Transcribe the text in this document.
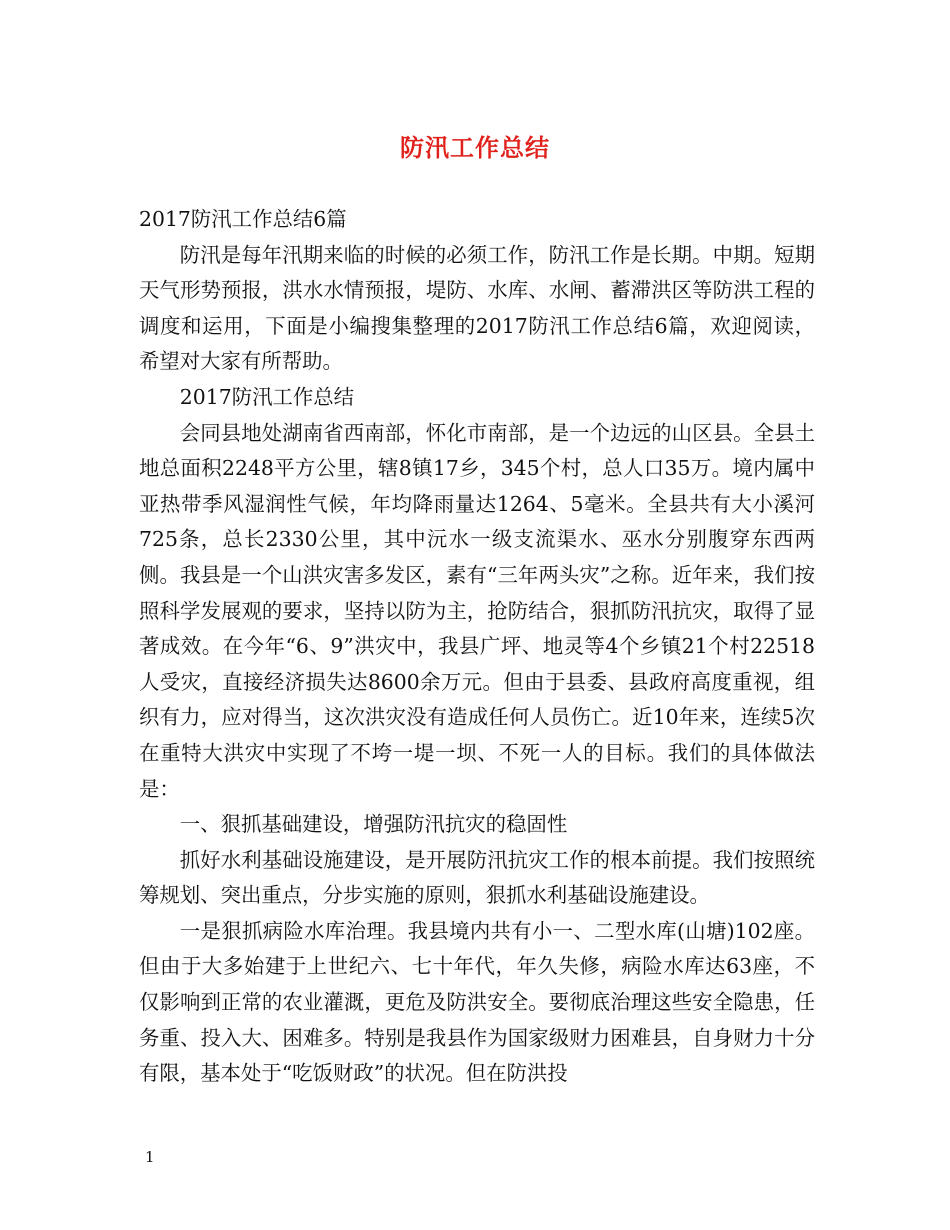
防汛工作总结

2017防汛工作总结6篇

防汛是每年汛期来临的时候的必须工作，防汛工作是长期。中期。短期天气形势预报，洪水水情预报，堤防、水库、水闸、蓄滞洪区等防洪工程的调度和运用，下面是小编搜集整理的2017防汛工作总结6篇，欢迎阅读，希望对大家有所帮助。

2017防汛工作总结

会同县地处湖南省西南部，怀化市南部，是一个边远的山区县。全县土地总面积2248平方公里，辖8镇17乡，345个村，总人口35万。境内属中亚热带季风湿润性气候，年均降雨量达1264、5毫米。全县共有大小溪河725条，总长2330公里，其中沅水一级支流渠水、巫水分别腹穿东西两侧。我县是一个山洪灾害多发区，素有“三年两头灾”之称。近年来，我们按照科学发展观的要求，坚持以防为主，抢防结合，狠抓防汛抗灾，取得了显著成效。在今年“6、9”洪灾中，我县广坪、地灵等4个乡镇21个村22518人受灾，直接经济损失达8600余万元。但由于县委、县政府高度重视，组织有力，应对得当，这次洪灾没有造成任何人员伤亡。近10年来，连续5次在重特大洪灾中实现了不垮一堤一坝、不死一人的目标。我们的具体做法是：

一、狠抓基础建设，增强防汛抗灾的稳固性

抓好水利基础设施建设，是开展防汛抗灾工作的根本前提。我们按照统筹规划、突出重点，分步实施的原则，狠抓水利基础设施建设。

一是狠抓病险水库治理。我县境内共有小一、二型水库(山塘)102座。但由于大多始建于上世纪六、七十年代，年久失修，病险水库达63座，不仅影响到正常的农业灌溉，更危及防洪安全。要彻底治理这些安全隐患，任务重、投入大、困难多。特别是我县作为国家级财力困难县，自身财力十分有限，基本处于“吃饭财政”的状况。但在防洪投

1
